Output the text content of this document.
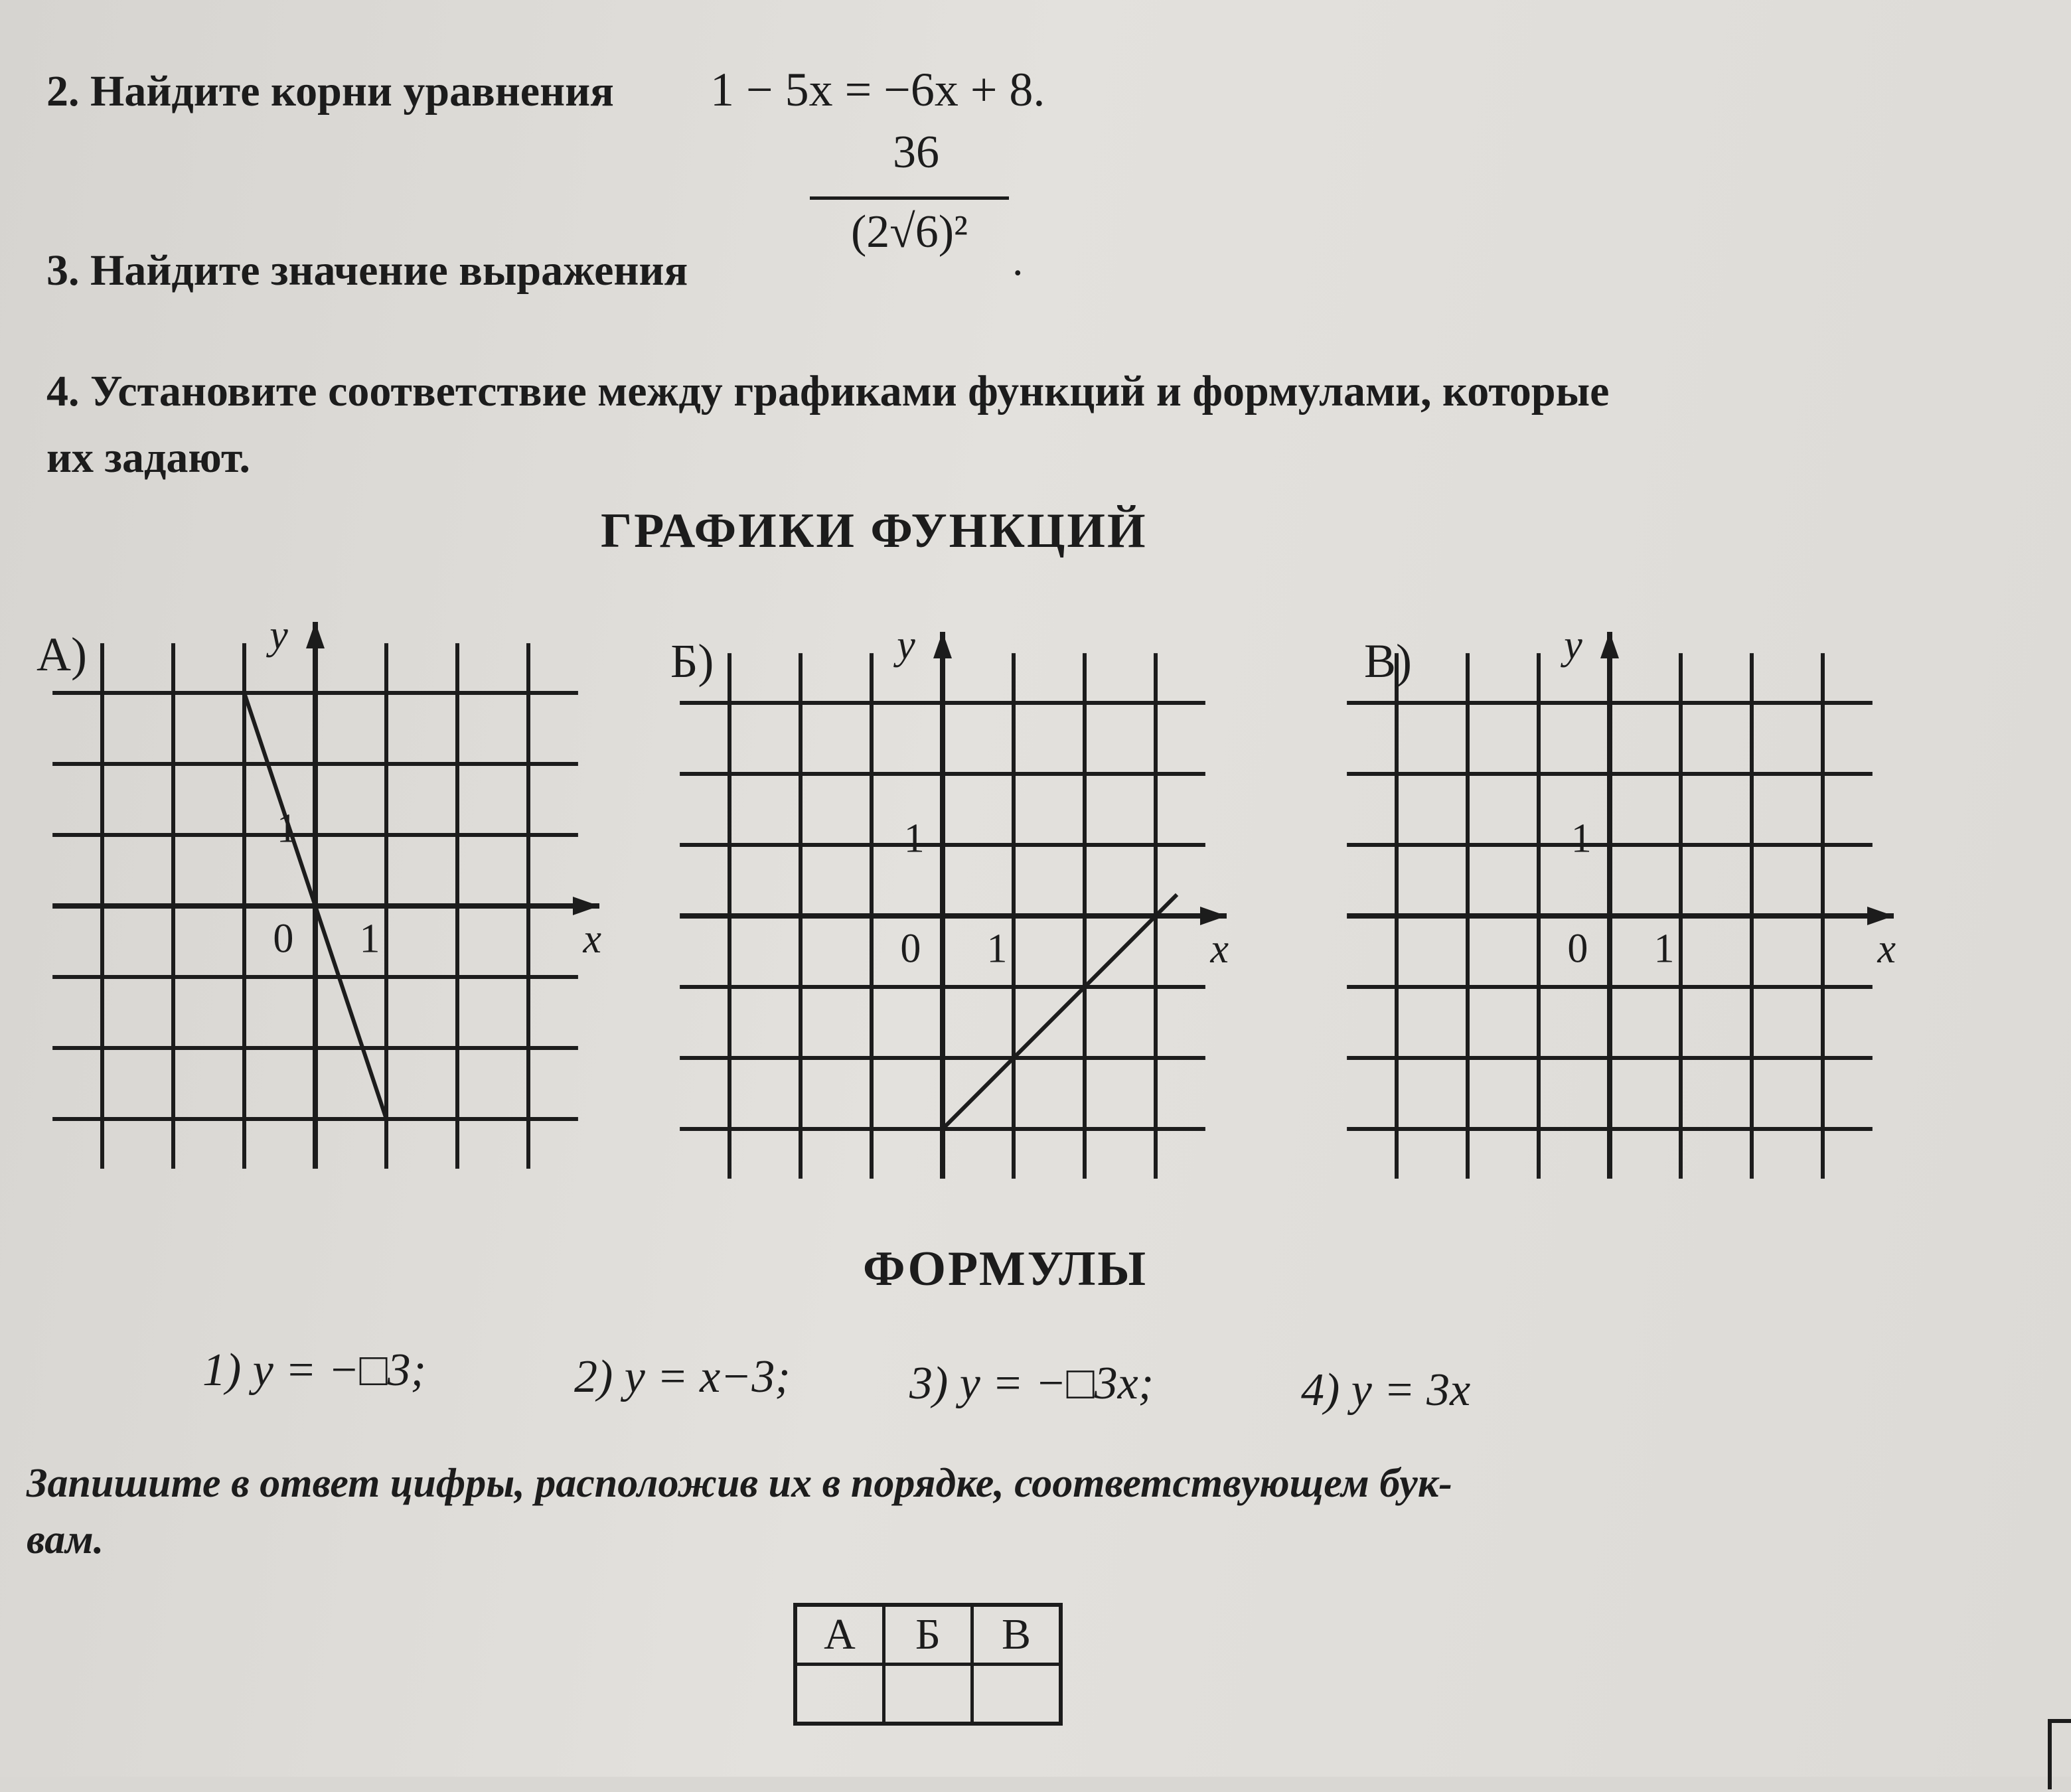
2. Найдите корни уравнения 1 − 5x = −6x + 8.
36
(2√6)²
.
3. Найдите значение выражения
4. Установите соответствие между графиками функций и формулами, которые
их задают.
ГРАФИКИ ФУНКЦИЙ
А)	Б)	В)
y
x
0 1
1
y
x
0 1
1
y
x
0 1
1
ФОРМУЛЫ
1) y = −□3;	2) y = x−3;	3) y = −□3x;	4) y = 3x
Запишите в ответ цифры, расположив их в порядке, соответствующем бук-
вам.
А	Б	В
